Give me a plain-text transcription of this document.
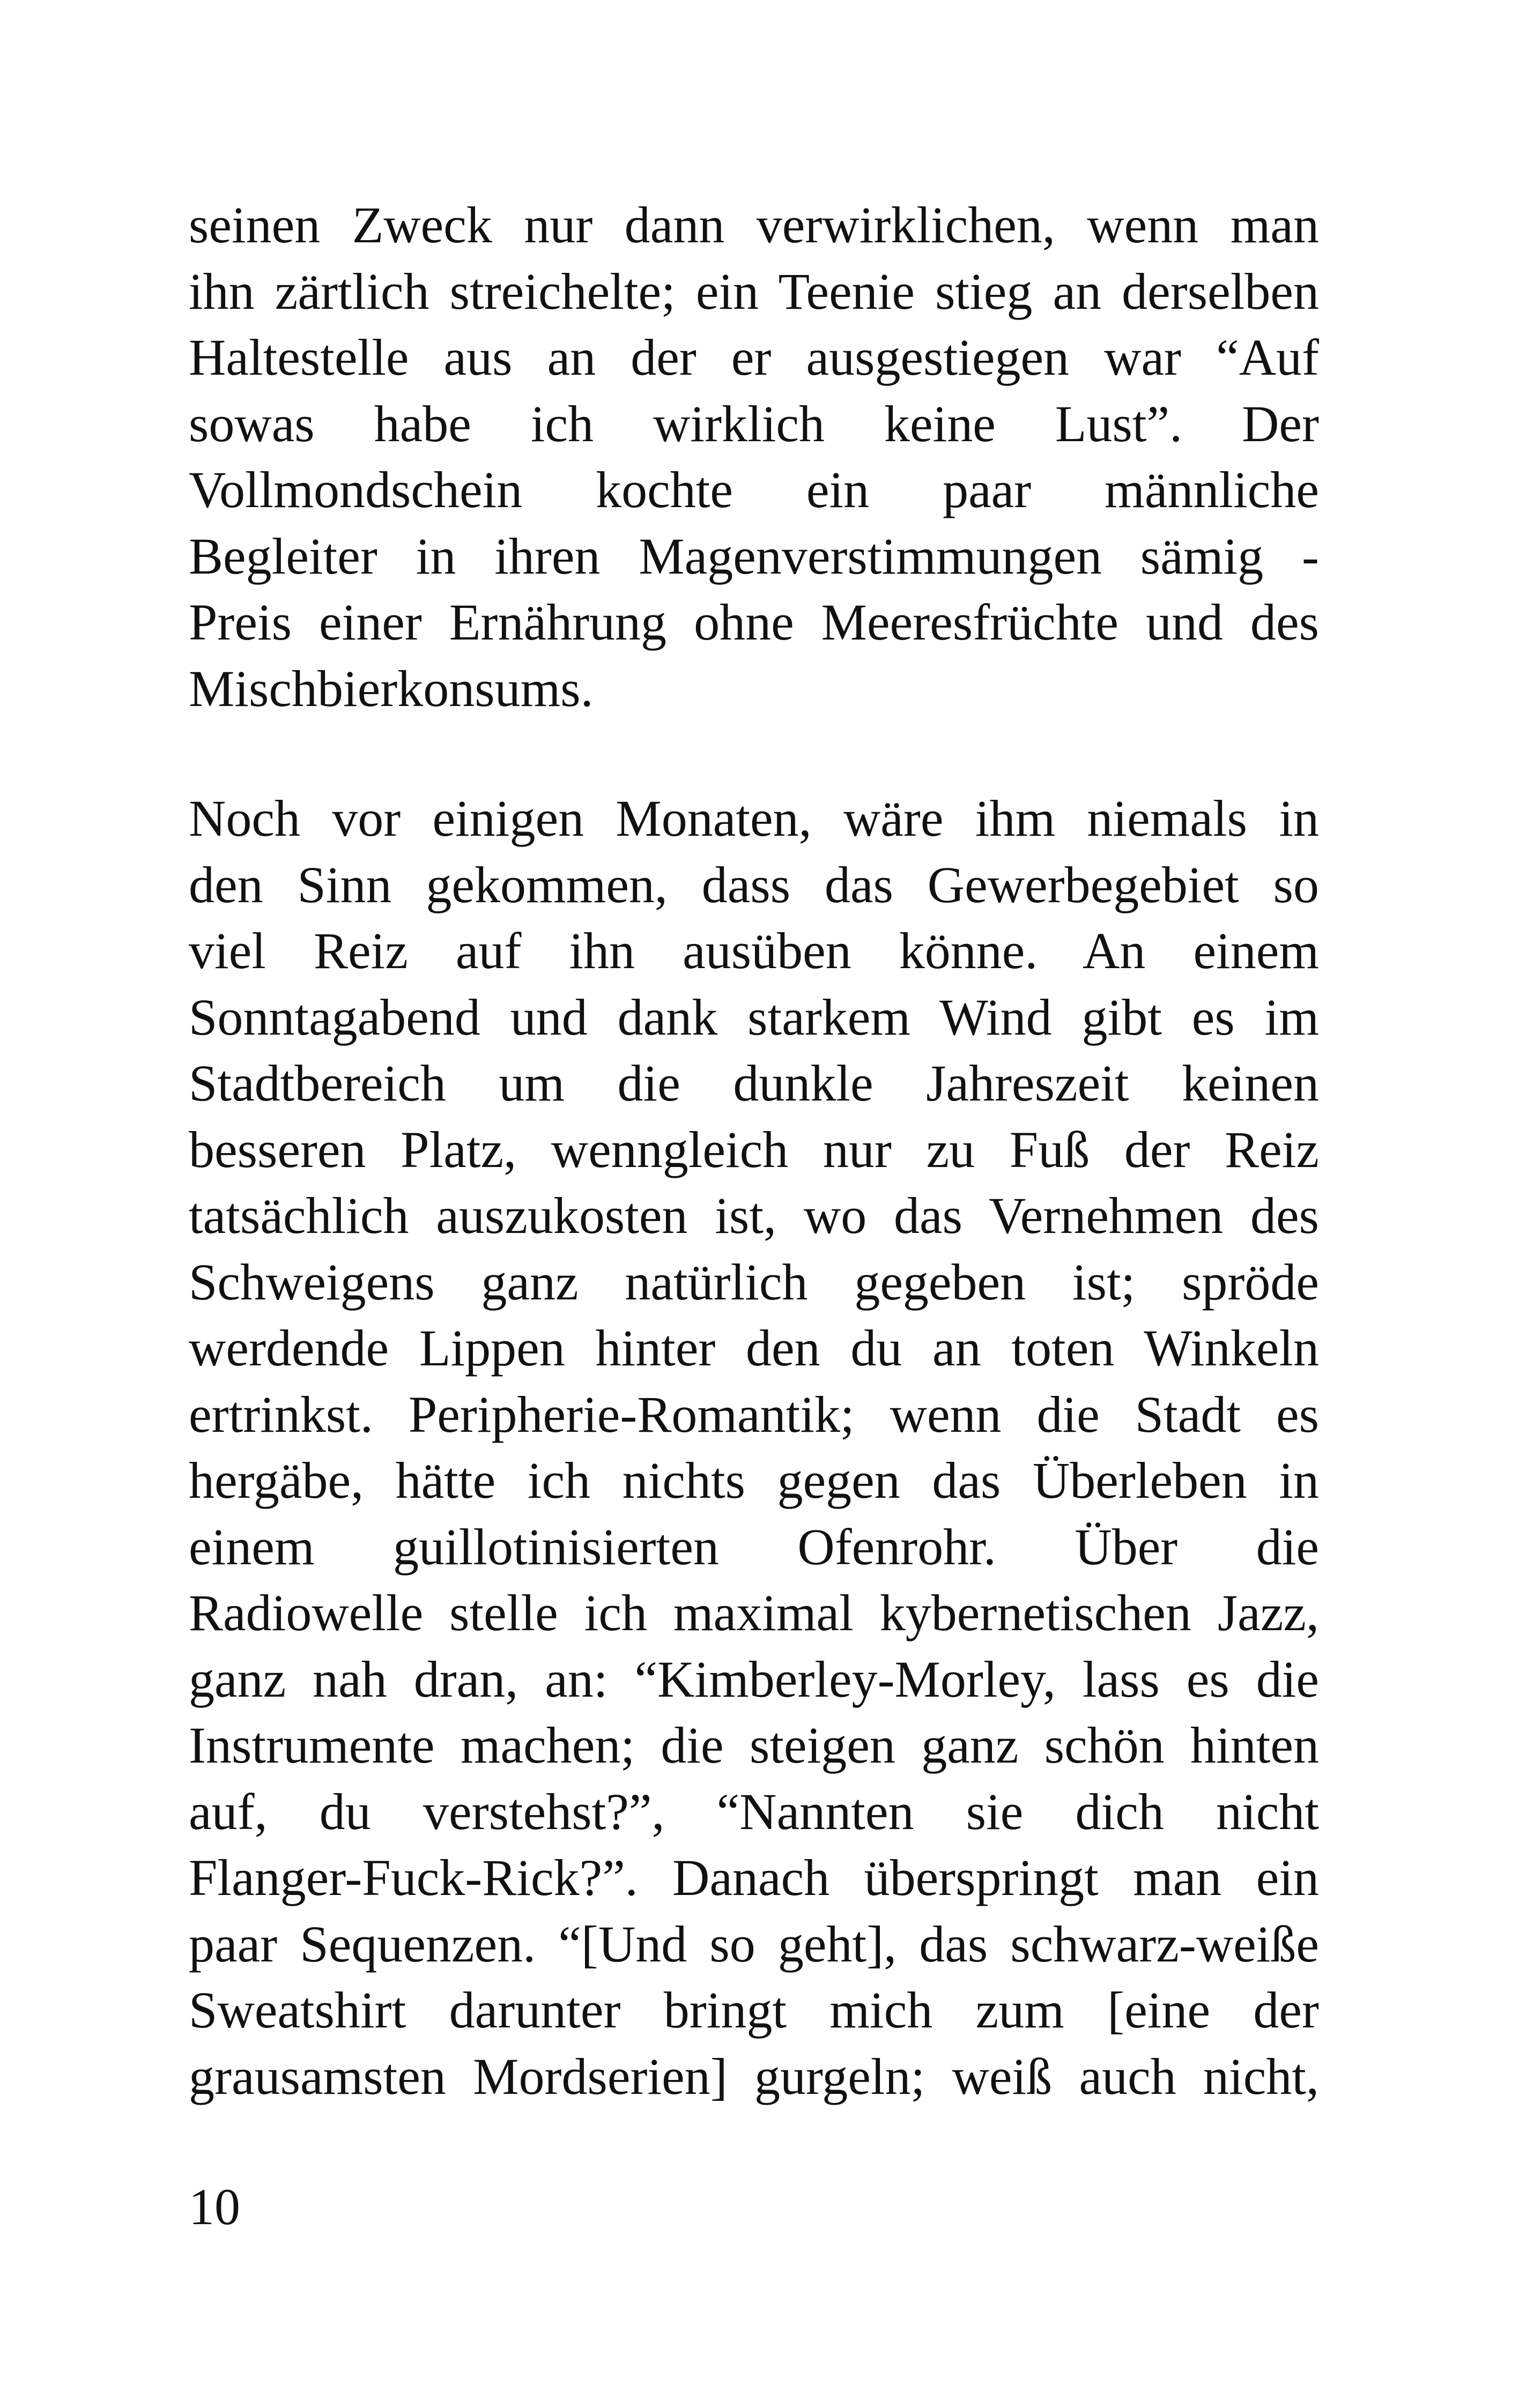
seinen Zweck nur dann verwirklichen, wenn man
ihn zärtlich streichelte; ein Teenie stieg an derselben
Haltestelle aus an der er ausgestiegen war “Auf
sowas habe ich wirklich keine Lust”. Der
Vollmondschein kochte ein paar männliche
Begleiter in ihren Magenverstimmungen sämig -
Preis einer Ernährung ohne Meeresfrüchte und des
Mischbierkonsums.

Noch vor einigen Monaten, wäre ihm niemals in
den Sinn gekommen, dass das Gewerbegebiet so
viel Reiz auf ihn ausüben könne. An einem
Sonntagabend und dank starkem Wind gibt es im
Stadtbereich um die dunkle Jahreszeit keinen
besseren Platz, wenngleich nur zu Fuß der Reiz
tatsächlich auszukosten ist, wo das Vernehmen des
Schweigens ganz natürlich gegeben ist; spröde
werdende Lippen hinter den du an toten Winkeln
ertrinkst. Peripherie-Romantik; wenn die Stadt es
hergäbe, hätte ich nichts gegen das Überleben in
einem guillotinisierten Ofenrohr. Über die
Radiowelle stelle ich maximal kybernetischen Jazz,
ganz nah dran, an: “Kimberley-Morley, lass es die
Instrumente machen; die steigen ganz schön hinten
auf, du verstehst?”, “Nannten sie dich nicht
Flanger-Fuck-Rick?”. Danach überspringt man ein
paar Sequenzen. “[Und so geht], das schwarz-weiße
Sweatshirt darunter bringt mich zum [eine der
grausamsten Mordserien] gurgeln; weiß auch nicht,

10
